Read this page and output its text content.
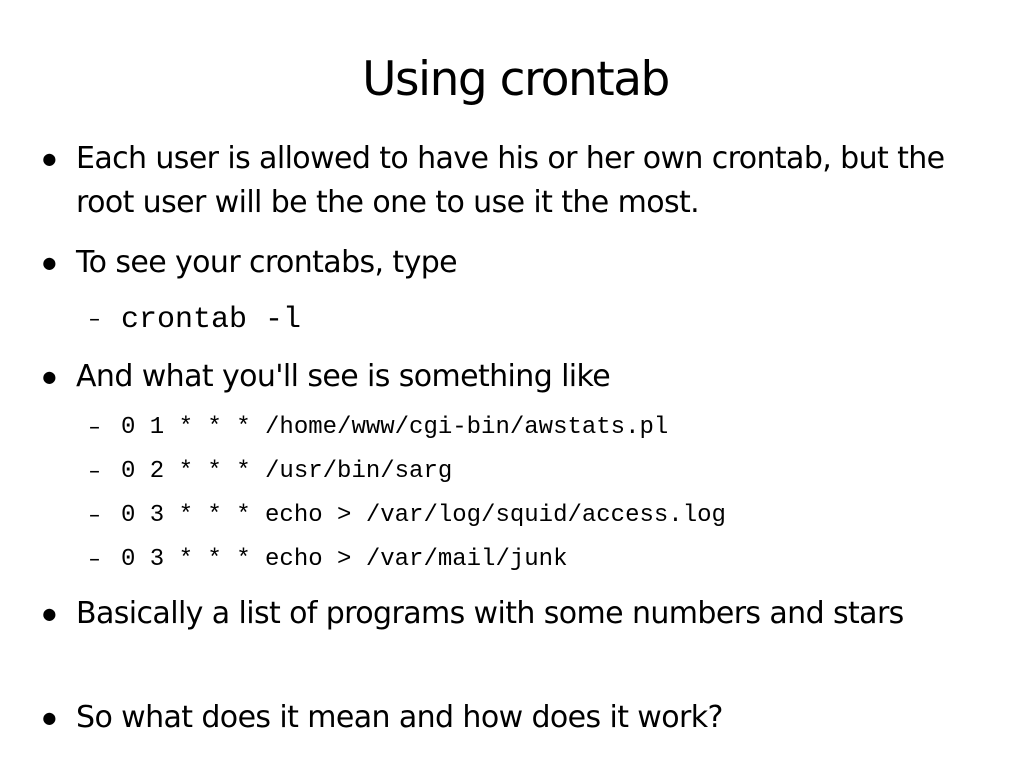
Using crontab
● Each user is allowed to have his or her own crontab, but the root user will be the one to use it the most.
● To see your crontabs, type
– crontab -l
● And what you'll see is something like
– 0 1 * * * /home/www/cgi-bin/awstats.pl
– 0 2 * * * /usr/bin/sarg
– 0 3 * * * echo > /var/log/squid/access.log
– 0 3 * * * echo > /var/mail/junk
● Basically a list of programs with some numbers and stars
● So what does it mean and how does it work?
